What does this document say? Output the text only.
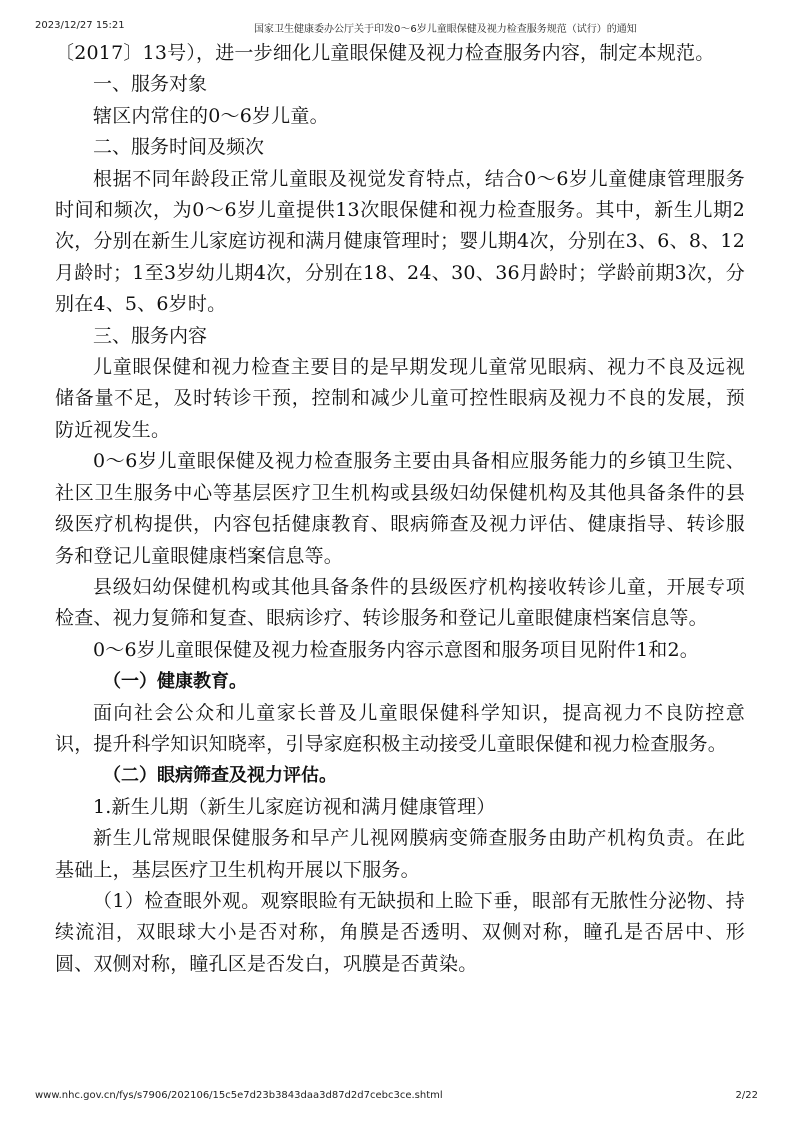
2023/12/27 15:21	国家卫生健康委办公厅关于印发0～6岁儿童眼保健及视力检查服务规范（试行）的通知

〔2017〕13号），进一步细化儿童眼保健及视力检查服务内容，制定本规范。

一、服务对象

辖区内常住的0～6岁儿童。

二、服务时间及频次

根据不同年龄段正常儿童眼及视觉发育特点，结合0～6岁儿童健康管理服务时间和频次，为0～6岁儿童提供13次眼保健和视力检查服务。其中，新生儿期2次，分别在新生儿家庭访视和满月健康管理时；婴儿期4次，分别在3、6、8、12月龄时；1至3岁幼儿期4次，分别在18、24、30、36月龄时；学龄前期3次，分别在4、5、6岁时。

三、服务内容

儿童眼保健和视力检查主要目的是早期发现儿童常见眼病、视力不良及远视储备量不足，及时转诊干预，控制和减少儿童可控性眼病及视力不良的发展，预防近视发生。

0～6岁儿童眼保健及视力检查服务主要由具备相应服务能力的乡镇卫生院、社区卫生服务中心等基层医疗卫生机构或县级妇幼保健机构及其他具备条件的县级医疗机构提供，内容包括健康教育、眼病筛查及视力评估、健康指导、转诊服务和登记儿童眼健康档案信息等。

县级妇幼保健机构或其他具备条件的县级医疗机构接收转诊儿童，开展专项检查、视力复筛和复查、眼病诊疗、转诊服务和登记儿童眼健康档案信息等。

0～6岁儿童眼保健及视力检查服务内容示意图和服务项目见附件1和2。

（一）健康教育。

面向社会公众和儿童家长普及儿童眼保健科学知识，提高视力不良防控意识，提升科学知识知晓率，引导家庭积极主动接受儿童眼保健和视力检查服务。

（二）眼病筛查及视力评估。

1.新生儿期（新生儿家庭访视和满月健康管理）

新生儿常规眼保健服务和早产儿视网膜病变筛查服务由助产机构负责。在此基础上，基层医疗卫生机构开展以下服务。

（1）检查眼外观。观察眼睑有无缺损和上睑下垂，眼部有无脓性分泌物、持续流泪，双眼球大小是否对称，角膜是否透明、双侧对称，瞳孔是否居中、形圆、双侧对称，瞳孔区是否发白，巩膜是否黄染。

www.nhc.gov.cn/fys/s7906/202106/15c5e7d23b3843daa3d87d2d7cebc3ce.shtml	2/22
